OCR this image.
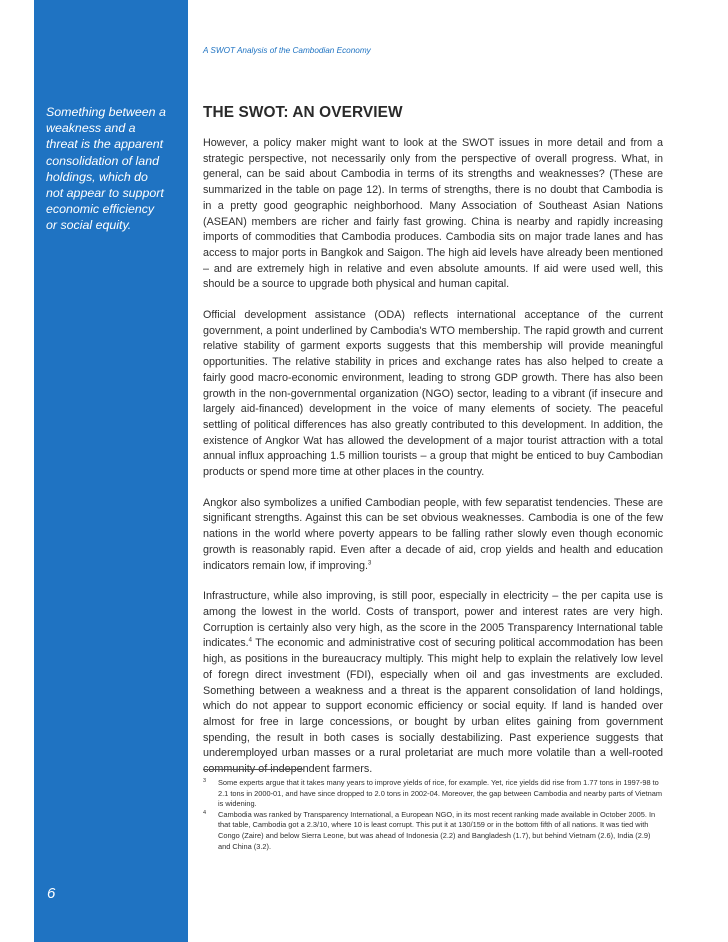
Something between a weakness and a threat is the apparent consolidation of land holdings, which do not appear to support economic efficiency or social equity.
6
A SWOT Analysis of the Cambodian Economy
THE SWOT: AN OVERVIEW

However, a policy maker might want to look at the SWOT issues in more detail and from a strategic perspective, not necessarily only from the perspective of overall progress. What, in general, can be said about Cambodia in terms of its strengths and weaknesses? (These are summarized in the table on page 12). In terms of strengths, there is no doubt that Cambodia is in a pretty good geographic neighborhood. Many Association of Southeast Asian Nations (ASEAN) members are richer and fairly fast growing. China is nearby and rapidly increasing imports of commodities that Cambodia produces. Cambodia sits on major trade lanes and has access to major ports in Bangkok and Saigon. The high aid levels have already been mentioned – and are extremely high in relative and even absolute amounts. If aid were used well, this should be a source to upgrade both physical and human capital.

Official development assistance (ODA) reflects international acceptance of the current government, a point underlined by Cambodia's WTO membership. The rapid growth and current relative stability of garment exports suggests that this membership will provide meaningful opportunities. The relative stability in prices and exchange rates has also helped to create a fairly good macro-economic environment, leading to strong GDP growth. There has also been growth in the non-governmental organization (NGO) sector, leading to a vibrant (if insecure and largely aid-financed) development in the voice of many elements of society. The peaceful settling of political differences has also greatly contributed to this development. In addition, the existence of Angkor Wat has allowed the development of a major tourist attraction with a total annual influx approaching 1.5 million tourists – a group that might be enticed to buy Cambodian products or spend more time at other places in the country.

Angkor also symbolizes a unified Cambodian people, with few separatist tendencies. These are significant strengths. Against this can be set obvious weaknesses. Cambodia is one of the few nations in the world where poverty appears to be falling rather slowly even though economic growth is reasonably rapid. Even after a decade of aid, crop yields and health and education indicators remain low, if improving.$^3$

Infrastructure, while also improving, is still poor, especially in electricity – the per capita use is among the lowest in the world. Costs of transport, power and interest rates are very high. Corruption is certainly also very high, as the score in the 2005 Transparency International table indicates.$^4$ The economic and administrative cost of securing political accommodation has been high, as positions in the bureaucracy multiply. This might help to explain the relatively low level of foregn direct investment (FDI), especially when oil and gas investments are excluded. Something between a weakness and a threat is the apparent consolidation of land holdings, which do not appear to support economic efficiency or social equity. If land is handed over almost for free in large concessions, or bought by urban elites gaining from government spending, the result in both cases is socially destabilizing. Past experience suggests that underemployed urban masses or a rural proletariat are much more volatile than a well-rooted community of independent farmers.

3 Some experts argue that it takes many years to improve yields of rice, for example. Yet, rice yields did rise from 1.77 tons in 1997-98 to 2.1 tons in 2000-01, and have since dropped to 2.0 tons in 2002-04. Moreover, the gap between Cambodia and nearby parts of Vietnam is widening.
4 Cambodia was ranked by Transparency International, a European NGO, in its most recent ranking made available in October 2005. In that table, Cambodia got a 2.3/10, where 10 is least corrupt. This put it at 130/159 or in the bottom fifth of all nations. It was tied with Congo (Zaire) and below Sierra Leone, but was ahead of Indonesia (2.2) and Bangladesh (1.7), but behind Vietnam (2.6), India (2.9) and China (3.2).
